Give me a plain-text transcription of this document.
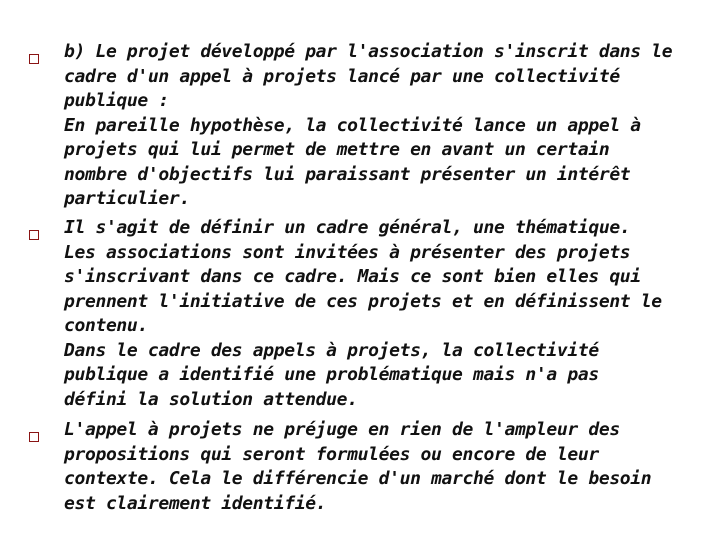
b) Le projet développé par l'association s'inscrit dans le
cadre d'un appel à projets lancé par une collectivité
publique :
En pareille hypothèse, la collectivité lance un appel à
projets qui lui permet de mettre en avant un certain
nombre d'objectifs lui paraissant présenter un intérêt
particulier.

Il s'agit de définir un cadre général, une thématique.
Les associations sont invitées à présenter des projets
s'inscrivant dans ce cadre. Mais ce sont bien elles qui
prennent l'initiative de ces projets et en définissent le
contenu.
Dans le cadre des appels à projets, la collectivité
publique a identifié une problématique mais n'a pas
défini la solution attendue.

L'appel à projets ne préjuge en rien de l'ampleur des
propositions qui seront formulées ou encore de leur
contexte. Cela le différencie d'un marché dont le besoin
est clairement identifié.
